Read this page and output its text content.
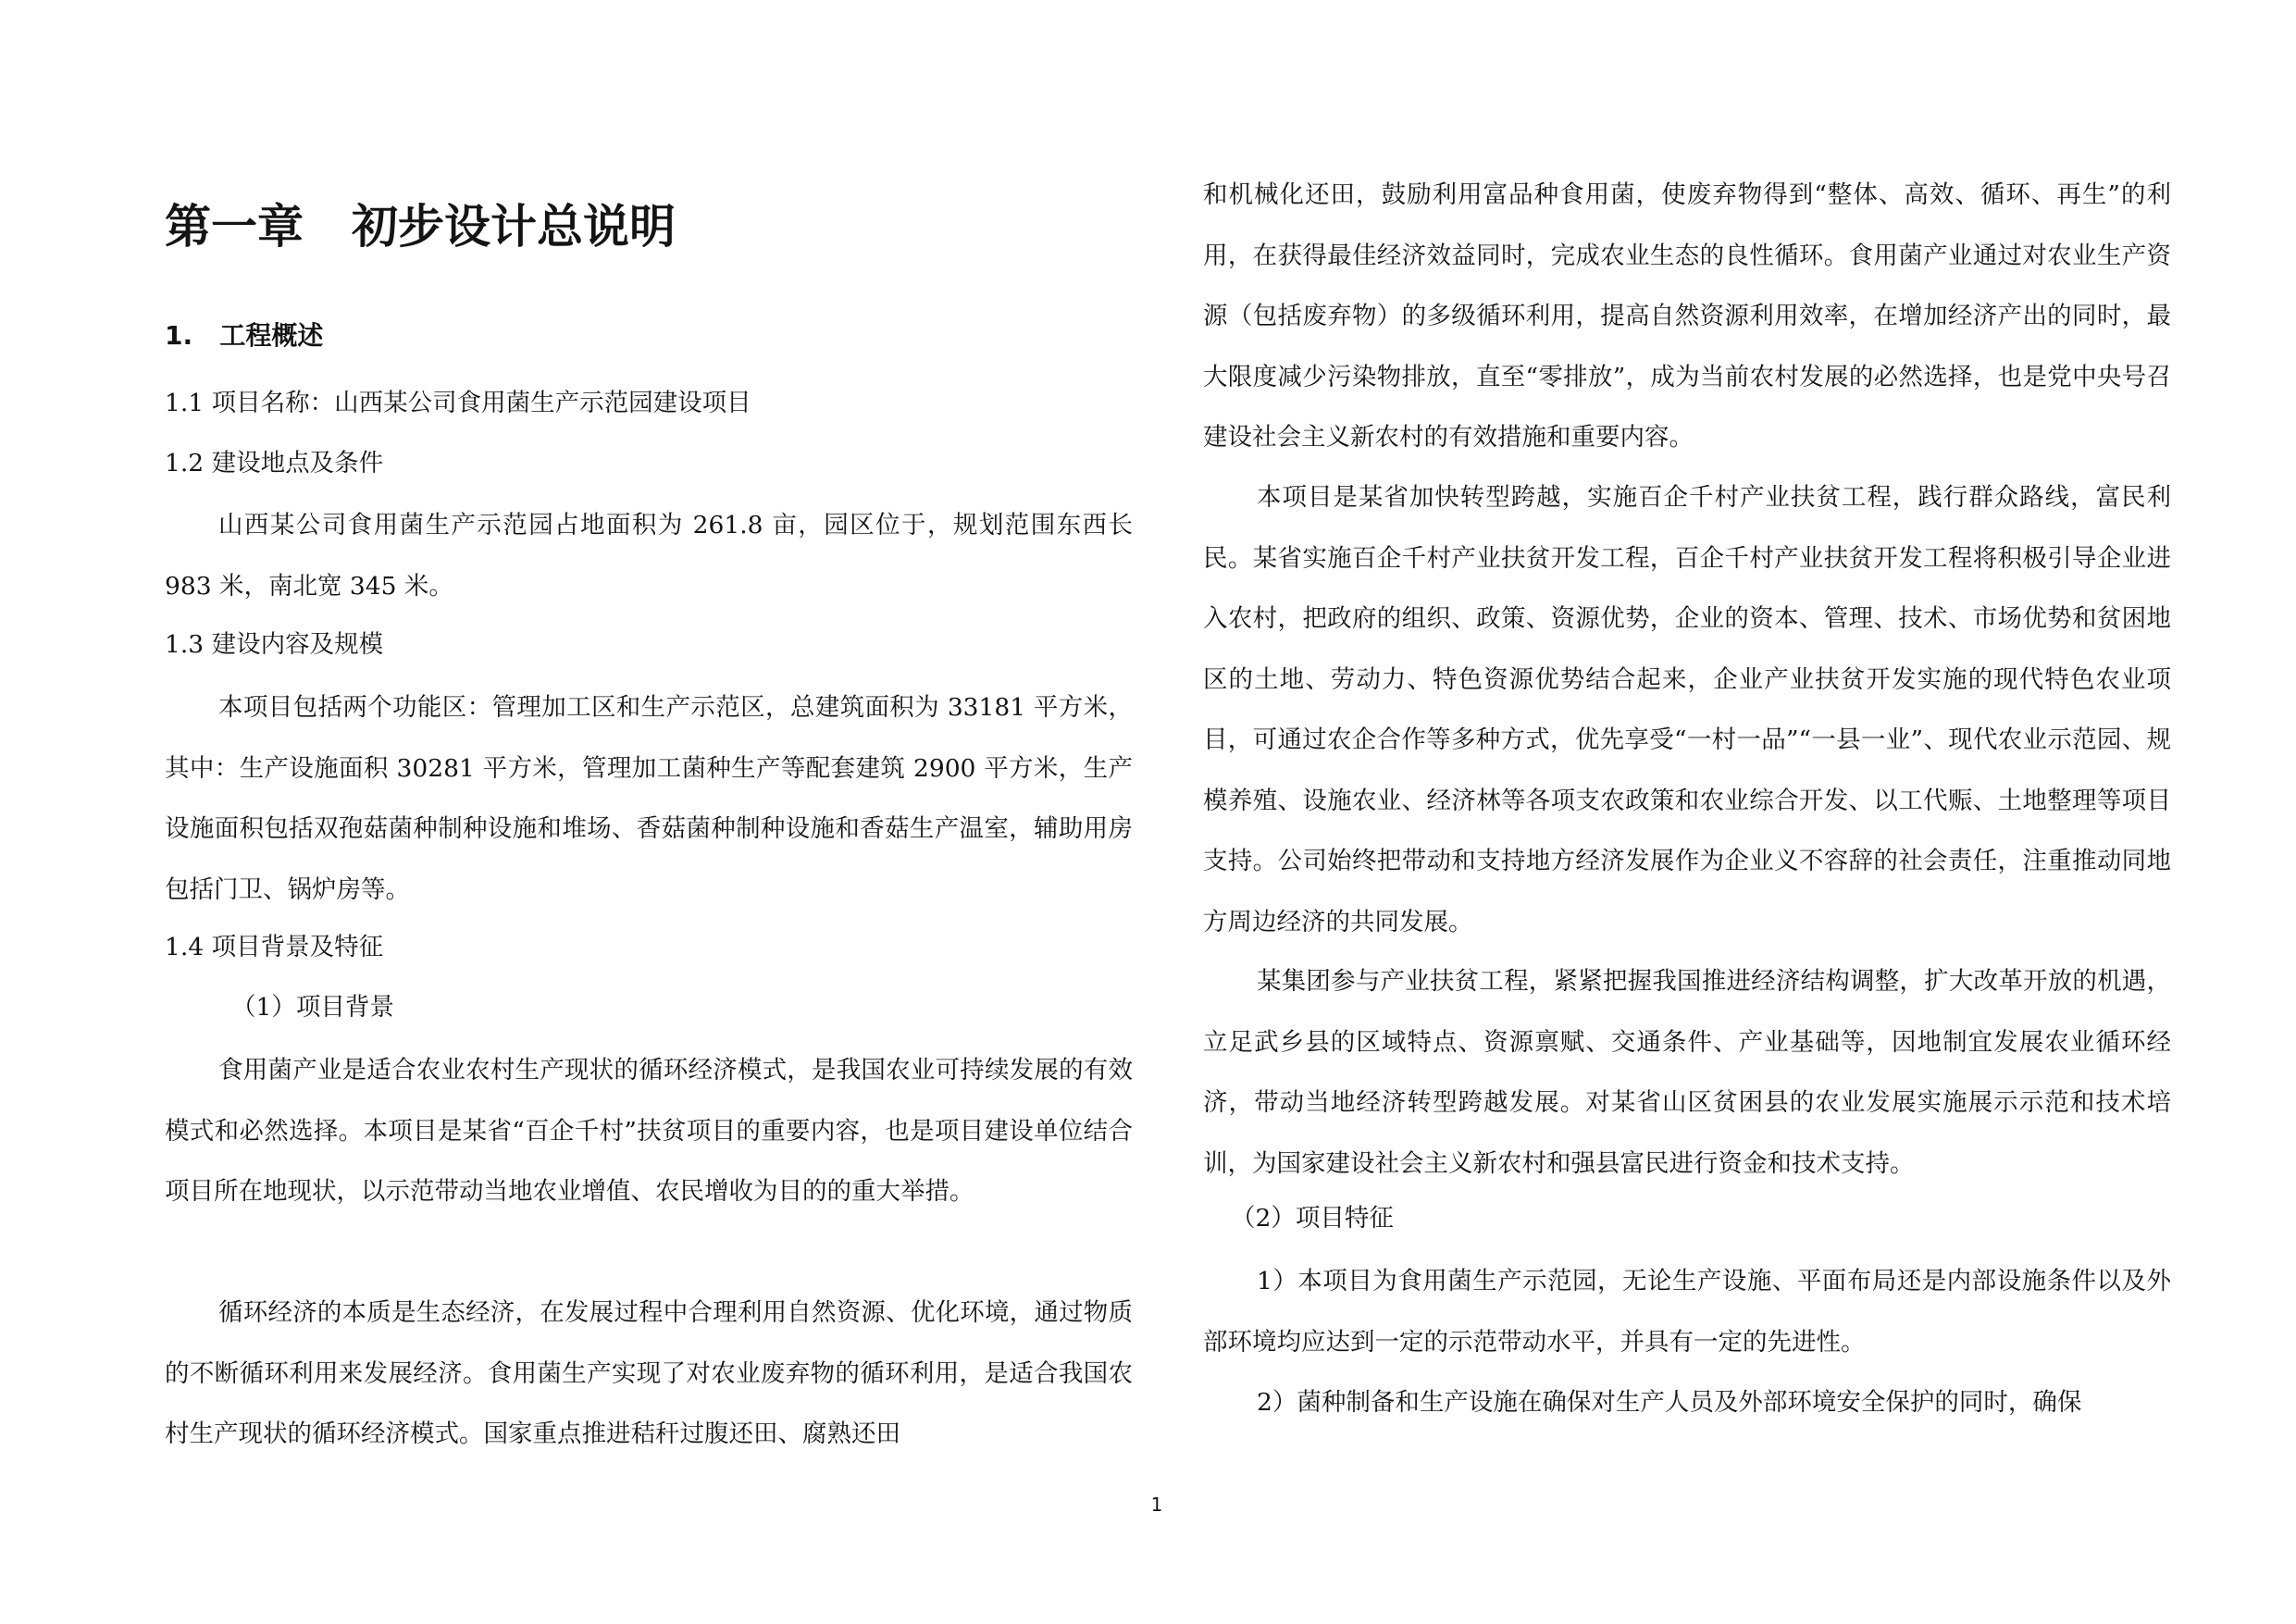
第一章 初步设计总说明
1.   工程概述

1.1 项目名称：山西某公司食用菌生产示范园建设项目

1.2 建设地点及条件

山西某公司食用菌生产示范园占地面积为 261.8 亩，园区位于，规划范围东西长 983 米，南北宽 345 米。

1.3 建设内容及规模

本项目包括两个功能区：管理加工区和生产示范区，总建筑面积为 33181 平方米，其中：生产设施面积 30281 平方米，管理加工菌种生产等配套建筑 2900 平方米，生产设施面积包括双孢菇菌种制种设施和堆场、香菇菌种制种设施和香菇生产温室，辅助用房包括门卫、锅炉房等。

1.4 项目背景及特征

（1）项目背景

食用菌产业是适合农业农村生产现状的循环经济模式，是我国农业可持续发展的有效模式和必然选择。本项目是某省“百企千村”扶贫项目的重要内容，也是项目建设单位结合项目所在地现状，以示范带动当地农业增值、农民增收为目的的重大举措。

循环经济的本质是生态经济，在发展过程中合理利用自然资源、优化环境，通过物质的不断循环利用来发展经济。食用菌生产实现了对农业废弃物的循环利用，是适合我国农村生产现状的循环经济模式。国家重点推进秸秆过腹还田、腐熟还田

和机械化还田，鼓励利用富品种食用菌，使废弃物得到“整体、高效、循环、再生”的利用，在获得最佳经济效益同时，完成农业生态的良性循环。食用菌产业通过对农业生产资源（包括废弃物）的多级循环利用，提高自然资源利用效率，在增加经济产出的同时，最大限度减少污染物排放，直至“零排放”，成为当前农村发展的必然选择，也是党中央号召建设社会主义新农村的有效措施和重要内容。

本项目是某省加快转型跨越，实施百企千村产业扶贫工程，践行群众路线，富民利民。某省实施百企千村产业扶贫开发工程，百企千村产业扶贫开发工程将积极引导企业进入农村，把政府的组织、政策、资源优势，企业的资本、管理、技术、市场优势和贫困地区的土地、劳动力、特色资源优势结合起来，企业产业扶贫开发实施的现代特色农业项目，可通过农企合作等多种方式，优先享受“一村一品”“一县一业”、现代农业示范园、规模养殖、设施农业、经济林等各项支农政策和农业综合开发、以工代赈、土地整理等项目支持。公司始终把带动和支持地方经济发展作为企业义不容辞的社会责任，注重推动同地方周边经济的共同发展。

某集团参与产业扶贫工程，紧紧把握我国推进经济结构调整，扩大改革开放的机遇，立足武乡县的区域特点、资源禀赋、交通条件、产业基础等，因地制宜发展农业循环经济，带动当地经济转型跨越发展。对某省山区贫困县的农业发展实施展示示范和技术培训，为国家建设社会主义新农村和强县富民进行资金和技术支持。

（2）项目特征

1）本项目为食用菌生产示范园，无论生产设施、平面布局还是内部设施条件以及外部环境均应达到一定的示范带动水平，并具有一定的先进性。

2）菌种制备和生产设施在确保对生产人员及外部环境安全保护的同时，确保

1
